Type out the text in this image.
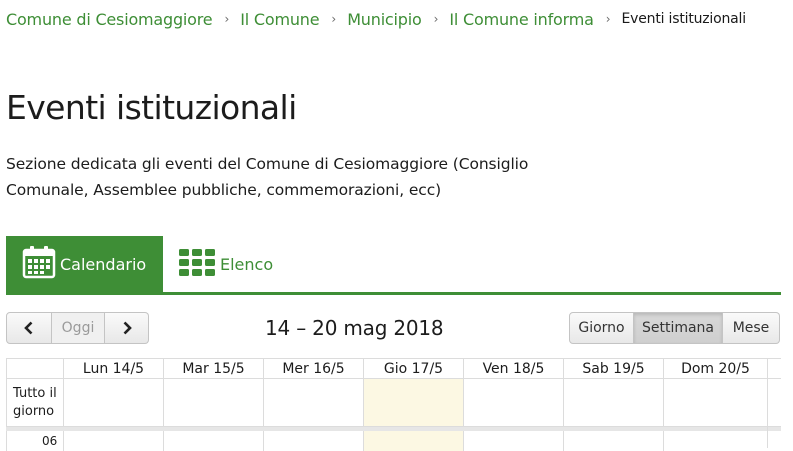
Comune di Cesiomaggiore › Il Comune › Municipio › Il Comune informa › Eventi istituzionali
Eventi istituzionali

Sezione dedicata gli eventi del Comune di Cesiomaggiore (Consiglio Comunale, Assemblee pubbliche, commemorazioni, ecc)

Calendario	Elenco
Oggi	14 – 20 mag 2018	Giorno	Settimana	Mese
Lun 14/5	Mar 15/5	Mer 16/5	Gio 17/5	Ven 18/5	Sab 19/5	Dom 20/5
Tutto il giorno
06
